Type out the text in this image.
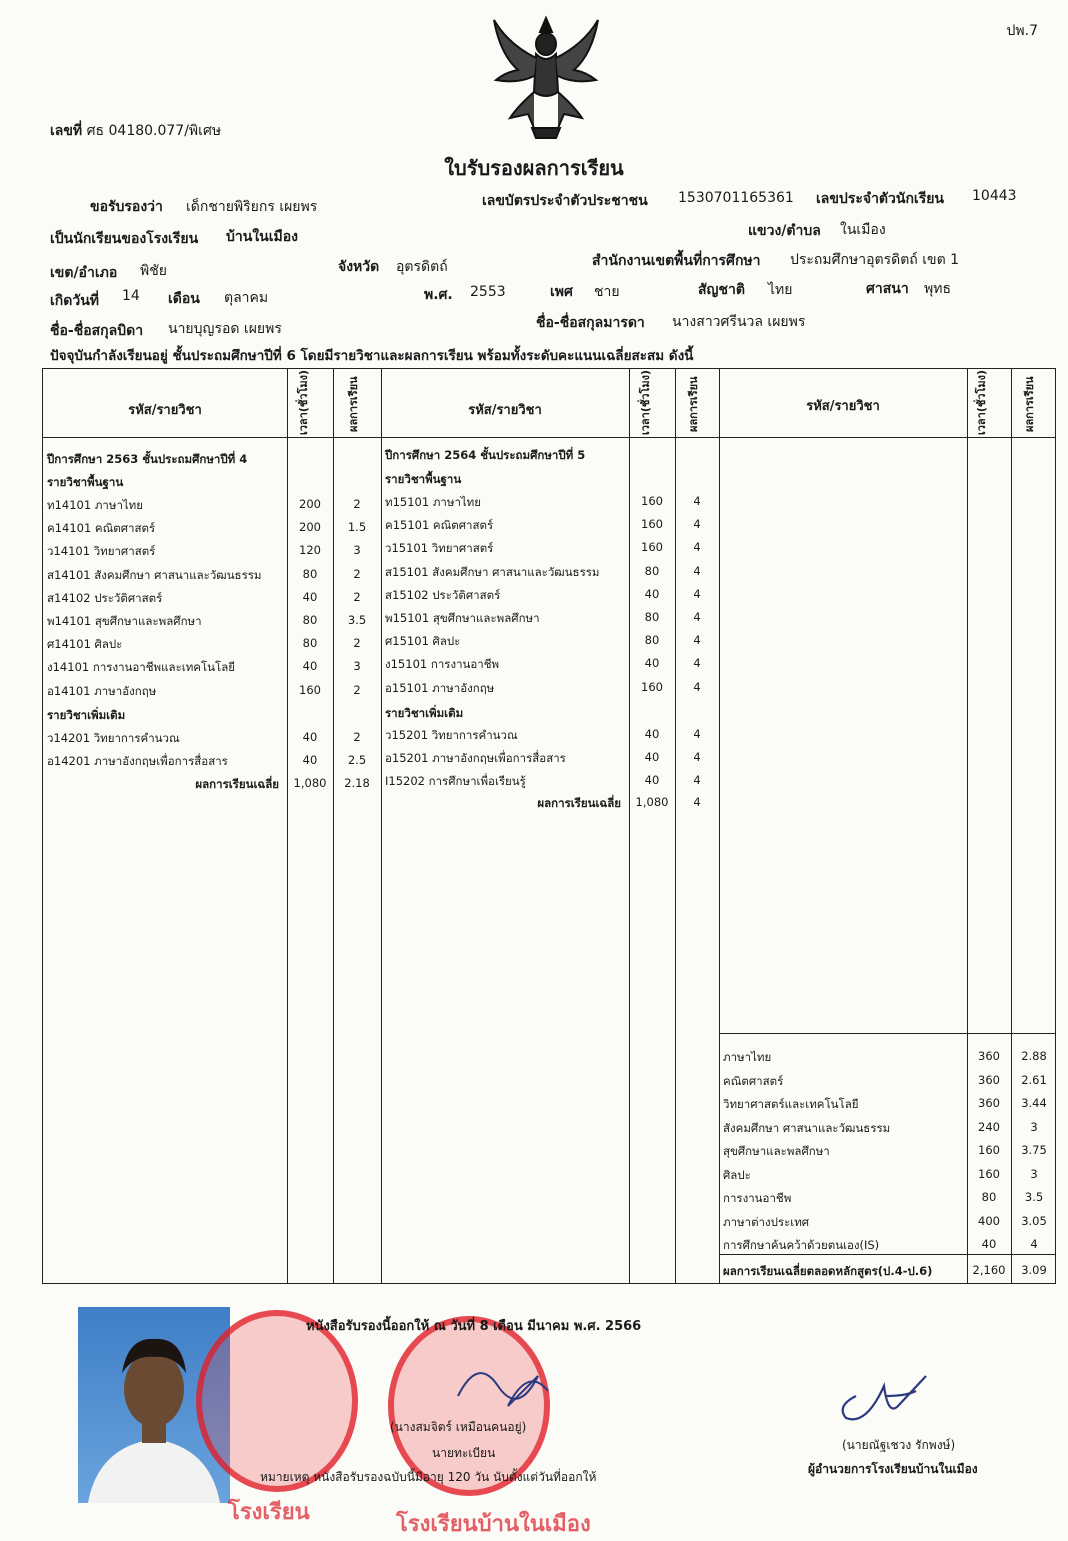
ปพ.7
เลขที่ ศธ 04180.077/พิเศษ
ใบรับรองผลการเรียน
ขอรับรองว่า เด็กชายพิริยกร เผยพร	เลขบัตรประจำตัวประชาชน 1530701165361 เลขประจำตัวนักเรียน 10443
เป็นนักเรียนของโรงเรียน บ้านในเมือง	แขวง/ตำบล ในเมือง
เขต/อำเภอ พิชัย	จังหวัด อุตรดิตถ์	สำนักงานเขตพื้นที่การศึกษา ประถมศึกษาอุตรดิตถ์ เขต 1
เกิดวันที่ 14 เดือน ตุลาคม	พ.ศ. 2553	เพศ ชาย	สัญชาติ ไทย	ศาสนา พุทธ
ชื่อ-ชื่อสกุลบิดา นายบุญรอด เผยพร	ชื่อ-ชื่อสกุลมารดา นางสาวศรีนวล เผยพร
ปัจจุบันกำลังเรียนอยู่ ชั้นประถมศึกษาปีที่ 6 โดยมีรายวิชาและผลการเรียน พร้อมทั้งระดับคะแนนเฉลี่ยสะสม ดังนี้
รหัส/รายวิชา	เวลา(ชั่วโมง)	ผลการเรียน	รหัส/รายวิชา	เวลา(ชั่วโมง)	ผลการเรียน	รหัส/รายวิชา	เวลา(ชั่วโมง)	ผลการเรียน
ปีการศึกษา 2563 ชั้นประถมศึกษาปีที่ 4
รายวิชาพื้นฐาน
ท14101 ภาษาไทย	200	2
ค14101 คณิตศาสตร์	200	1.5
ว14101 วิทยาศาสตร์	120	3
ส14101 สังคมศึกษา ศาสนาและวัฒนธรรม	80	2
ส14102 ประวัติศาสตร์	40	2
พ14101 สุขศึกษาและพลศึกษา	80	3.5
ศ14101 ศิลปะ	80	2
ง14101 การงานอาชีพและเทคโนโลยี	40	3
อ14101 ภาษาอังกฤษ	160	2
รายวิชาเพิ่มเติม
ว14201 วิทยาการคำนวณ	40	2
อ14201 ภาษาอังกฤษเพื่อการสื่อสาร	40	2.5
ผลการเรียนเฉลี่ย	1,080	2.18
ปีการศึกษา 2564 ชั้นประถมศึกษาปีที่ 5
รายวิชาพื้นฐาน
ท15101 ภาษาไทย	160	4
ค15101 คณิตศาสตร์	160	4
ว15101 วิทยาศาสตร์	160	4
ส15101 สังคมศึกษา ศาสนาและวัฒนธรรม	80	4
ส15102 ประวัติศาสตร์	40	4
พ15101 สุขศึกษาและพลศึกษา	80	4
ศ15101 ศิลปะ	80	4
ง15101 การงานอาชีพ	40	4
อ15101 ภาษาอังกฤษ	160	4
รายวิชาเพิ่มเติม
ว15201 วิทยาการคำนวณ	40	4
อ15201 ภาษาอังกฤษเพื่อการสื่อสาร	40	4
I15202 การศึกษาเพื่อเรียนรู้	40	4
ผลการเรียนเฉลี่ย	1,080	4
ภาษาไทย	360	2.88
คณิตศาสตร์	360	2.61
วิทยาศาสตร์และเทคโนโลยี	360	3.44
สังคมศึกษา ศาสนาและวัฒนธรรม	240	3
สุขศึกษาและพลศึกษา	160	3.75
ศิลปะ	160	3
การงานอาชีพ	80	3.5
ภาษาต่างประเทศ	400	3.05
การศึกษาค้นคว้าด้วยตนเอง(IS)	40	4
ผลการเรียนเฉลี่ยตลอดหลักสูตร(ป.4-ป.6)	2,160	3.09
โรงเรียน	โรงเรียนบ้านในเมือง
หนังสือรับรองนี้ออกให้ ณ วันที่ 8 เดือน มีนาคม พ.ศ. 2566
(นางสมจิตร์ เหมือนคนอยู่)
นายทะเบียน
หมายเหตุ หนังสือรับรองฉบับนี้มีอายุ 120 วัน นับตั้งแต่วันที่ออกให้
(นายณัฐเชวง รักพงษ์)
ผู้อำนวยการโรงเรียนบ้านในเมือง
